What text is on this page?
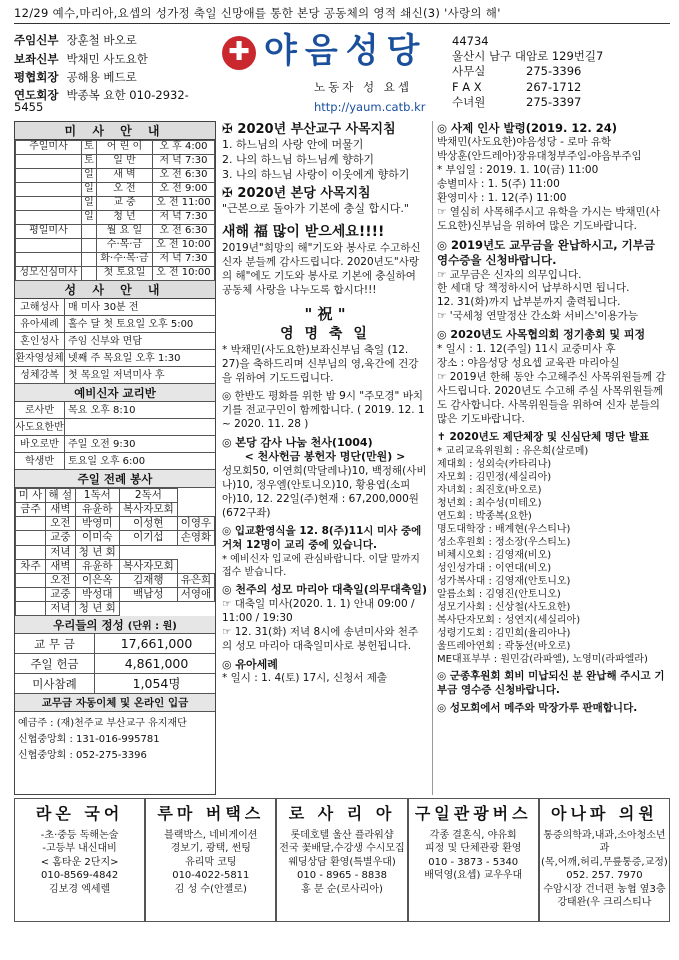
12/29 예수,마리아,요셉의 성가정 축일 신망애를 통한 본당 공동체의 영적 쇄신(3) '사랑의 해'
주임신부 장훈철 바오로
보좌신부 박채민 사도요한
평협회장 공해용 베드로
연도회장 박종복 요한 010-2932-5455
✚ 야음성당
노동자 성 요셉
http://yaum.catb.kr
44734
울산시 남구 대암로 129번길7
사무실	275-3396
F A X	267-1712
수녀원	275-3397
미 사 안 내
주일미사	토	어 린 이	오 후 4:00
	토	일 반	저 녁 7:30
	일	새 벽	오 전 6:30
	일	오 전	오 전 9:00
	일	교 중	오 전 11:00
	일	청 년	저 녁 7:30
평일미사		월 요 일	오 전 6:30
		수·목·금	오 전 10:00
		화·수·목·금	저 녁 7:30
성모신심미사		첫 토요일	오 전 10:00
성 사 안 내
고해성사 매 미사 30분 전
유아세례 홀수 달 첫 토요일 오후 5:00
혼인성사 주임 신부와 면담
환자영성체 넷째 주 목요일 오후 1:30
성체강복 첫 목요일 저녁미사 후
예비신자 교리반
로사반	목요 오후 8:10
사도요한반
바오로반 주일 오전 9:30
학생반	토요일 오후 6:00
주일 전례 봉사
미 사	해 설	1독서	2독서	
금주	새벽	유윤하	복사자모회	
	오전	박영미	이성현	이영우
	교중	이미숙	이기섭	손영화
	저녁	청 년 회		
차주	새벽	유윤하	복사자모회	
	오전	이은옥	김재행	유은희
	교중	박성대	백남성	서영애
	저녁	청 년 회		
우리들의 정성 (단위 : 원)
교 무 금	17,661,000
주일 헌금	4,861,000
미사참례	1,054명
교무금 자동이체 및 온라인 입금
예금주 : (재)천주교 부산교구 유지재단
신협중앙회 : 131-016-995781
신협중앙회 : 052-275-3396
✠ 2020년 부산교구 사목지침
1. 하느님의 사랑 안에 머물기
2. 나의 하느님 하느님께 향하기
3. 나의 하느님 사랑이 이웃에게 향하기
✠ 2020년 본당 사목지침
"근본으로 돌아가 기본에 충실 합시다."
새해 福 많이 받으세요!!!!
2019년"희망의 해"기도와 봉사로 수고하신 신자 분들께 감사드립니다. 2020년도"사랑의 해"에도 기도와 봉사로 기본에 충실하여 공동체 사랑을 나누도록 합시다!!!
" 祝 "
영 명 축 일
* 박채민(사도요한)보좌신부님 축일 (12. 27)을 축하드리며 신부님의 영,육간에 건강을 위하여 기도드립니다.
◎ 한반도 평화를 위한 밤 9시 "주모경" 바치기를 전교구민이 함께합니다. ( 2019. 12. 1 ~ 2020. 11. 28 )
◎ 본당 감사 나눔 천사(1004)
< 천사헌금 봉헌자 명단(만원) >
성모회50, 이연희(막달레나)10, 백정해(사비나)10, 정우엘(안토니오)10, 황용엽(소피아)10, 12. 22일(주)현재 : 67,200,000원(672구좌)
◎ 입교환영식을 12. 8(주)11시 미사 중에 거쳐 12명이 교리 중에 있습니다.
* 예비신자 입교에 관심바랍니다. 이달 말까지 접수 받습니다.
◎ 천주의 성모 마리아 대축일(의무대축일)
☞ 대축일 미사(2020. 1. 1) 안내 09:00 / 11:00 / 19:30
☞ 12. 31(화) 저녁 8시에 송년미사와 천주의 성모 마리아 대축일미사로 봉헌됩니다.
◎ 유아세례
* 일시 : 1. 4(토) 17시, 신청서 제출
◎ 사제 인사 발령(2019. 12. 24)
박채민(사도요한)야음성당 - 로마 유학
박상훈(안드레아)장유대청부주임-야음부주임
* 부임일 : 2019. 1. 10(금) 11:00
송별미사 : 1. 5(주) 11:00
환영미사 : 1. 12(주) 11:00
☞ 열심히 사목해주시고 유학을 가시는 박채민(사도요한)신부님을 위하여 많은 기도바랍니다.
◎ 2019년도 교무금을 완납하시고, 기부금 영수증을 신청바랍니다.
☞ 교무금은 신자의 의무입니다.
한 세대 당 책정하시어 납부하시면 됩니다.
12. 31(화)까지 납부분까지 출력됩니다.
☞ '국세청 연말정산 간소화 서비스'이용가능
◎ 2020년도 사목협의회 정기총회 및 피정
* 일시 : 1. 12(주일) 11시 교중미사 후
장소 : 야음성당 성요셉 교육관 마리아실
☞ 2019년 한해 동안 수고해주신 사목위원들께 감사드립니다. 2020년도 수고해 주실 사목위원들께도 감사합니다. 사목위원들을 위하여 신자 분들의 많은 기도바랍니다.
✝ 2020년도 제단체장 및 신심단체 명단 발표
* 교리교육위원회 : 유은희(살로메)
제대회 : 성외숙(카타리나)
자모회 : 김민정(세실리아)
자녀회 : 최진호(바오로)
청년회 : 최수성(미테오)
연도회 : 박종복(요한)
명도대학장 : 배계현(우스티나)
성소후원회 : 정소장(우스티노)
비체시오회 : 김영재(비오)
성인성가대 : 이연대(비오)
성가복사대 : 김영재(안토니오)
알름소회 : 김영진(안토니오)
성모기사회 : 신상철(사도요한)
복사단자모회 : 성연지(세실리아)
성령기도회 : 김민희(율리아나)
울뜨레아연회 : 곽동선(바오로)
ME대표부부 : 원민감(라파엘), 노영미(라파엘라)
◎ 군종후원회 회비 미납되신 분 완납해 주시고 기부금 영수증 신청바랍니다.
◎ 성모회에서 메주와 막장가루 판매합니다.
라온 국어
-초·중등 독해논술
-고등부 내신대비
< 홈타운 2단지>
010-8569-4842
김보경 엑세렐
루마 버택스
블랙박스, 네비게이션
경보기, 광택, 썬팅
유리막 코팅
010-4022-5811
김 성 수(안젤로)
로 사 리 아
롯데호텔 울산 플라워샵
전국 꽃배달,수강생 수시모집
웨딩상담 환영(특별우대)
010 - 8965 - 8838
홍 문 순(로사리아)
구일관광버스
각종 결혼식, 야유회
피정 및 단체관광 환영
010 - 3873 - 5340
배덕영(요셉) 교우우대
아나파 의원
통증의학과,내과,소아청소년과
(목,어깨,허리,무릎통증,교정)
052. 257. 7970
수암시장 건너편 농협 옆3층
강태완(우 크리스티나
